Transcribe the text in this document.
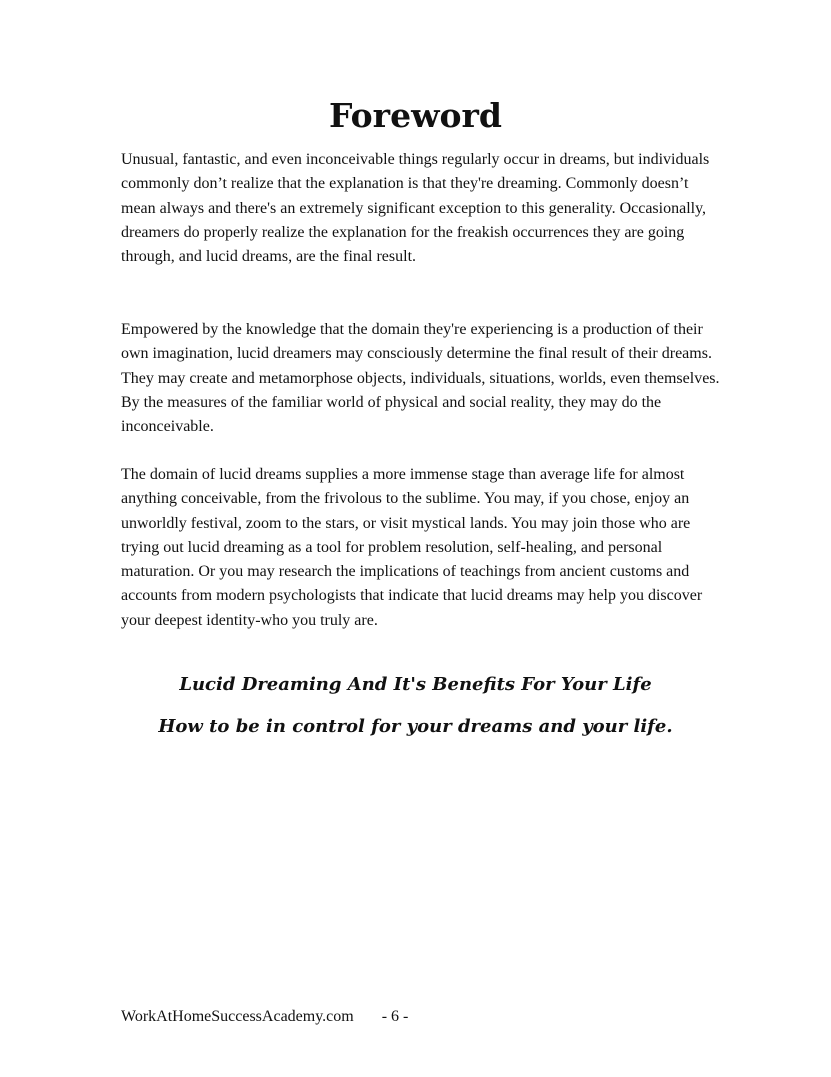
Foreword

Unusual, fantastic, and even inconceivable things regularly occur in dreams, but individuals commonly don’t realize that the explanation is that they're dreaming. Commonly doesn’t mean always and there's an extremely significant exception to this generality. Occasionally, dreamers do properly realize the explanation for the freakish occurrences they are going through, and lucid dreams, are the final result.

Empowered by the knowledge that the domain they're experiencing is a production of their own imagination, lucid dreamers may consciously determine the final result of their dreams. They may create and metamorphose objects, individuals, situations, worlds, even themselves. By the measures of the familiar world of physical and social reality, they may do the inconceivable.

The domain of lucid dreams supplies a more immense stage than average life for almost anything conceivable, from the frivolous to the sublime. You may, if you chose, enjoy an unworldly festival, zoom to the stars, or visit mystical lands. You may join those who are trying out lucid dreaming as a tool for problem resolution, self-healing, and personal maturation. Or you may research the implications of teachings from ancient customs and accounts from modern psychologists that indicate that lucid dreams may help you discover your deepest identity-who you truly are.

Lucid Dreaming And It's Benefits For Your Life

How to be in control for your dreams and your life.

WorkAtHomeSuccessAcademy.com - 6 -
